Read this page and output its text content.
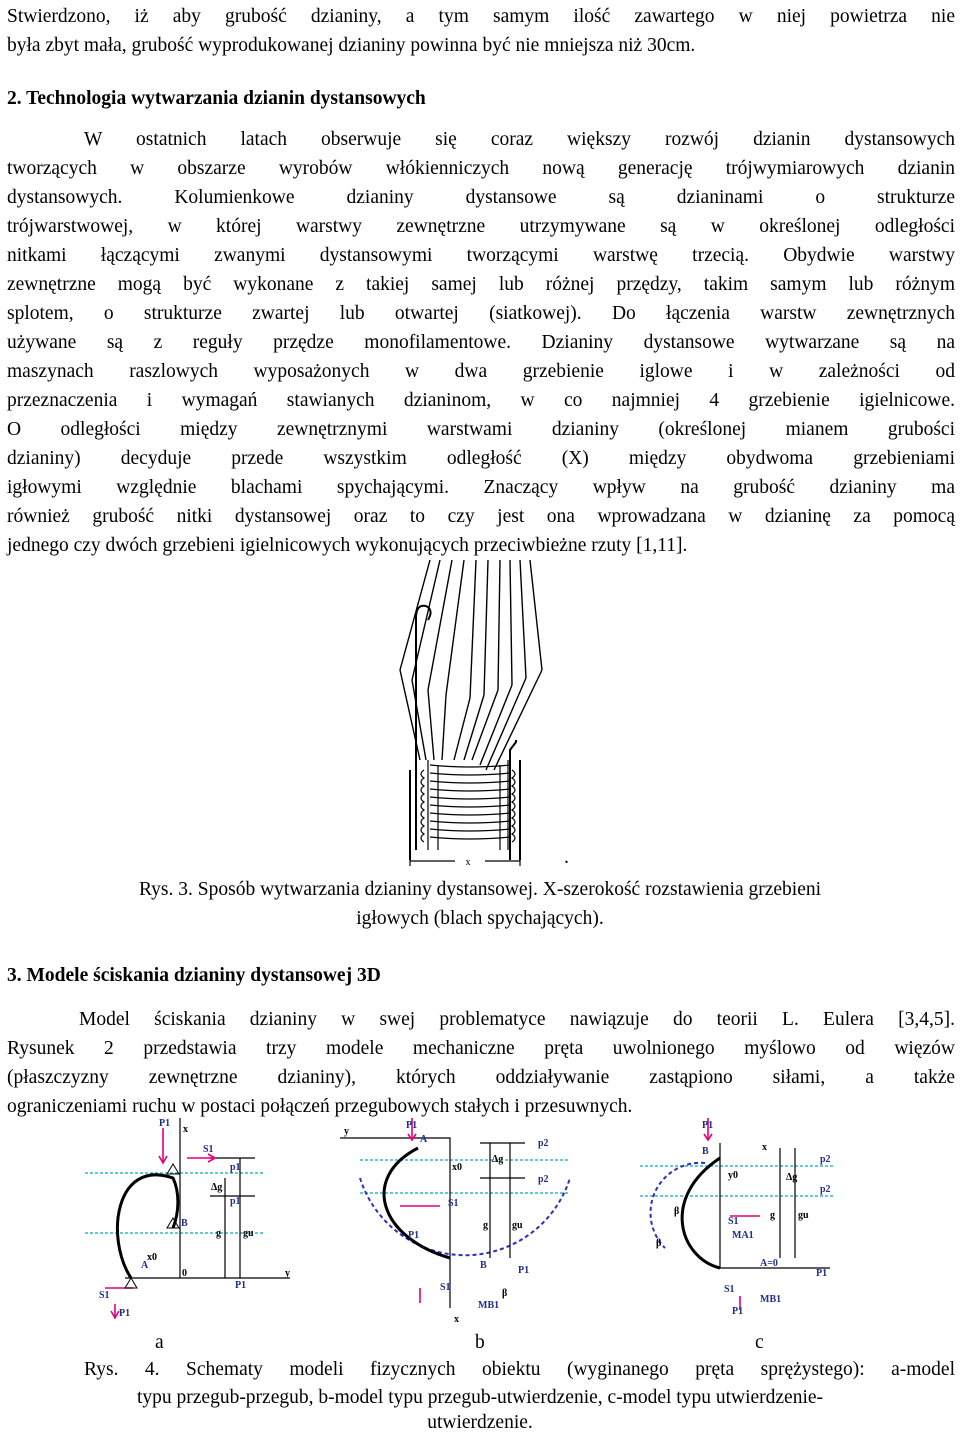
Stwierdzono, iż aby grubość dzianiny, a tym samym ilość zawartego w niej powietrza nie
była zbyt mała, grubość wyprodukowanej dzianiny powinna być nie mniejsza niż 30cm.
2. Technologia wytwarzania dzianin dystansowych
W ostatnich latach obserwuje się coraz większy rozwój dzianin dystansowych
tworzących w obszarze wyrobów włókienniczych nową generację trójwymiarowych dzianin
dystansowych. Kolumienkowe dzianiny dystansowe są dzianinami o strukturze
trójwarstwowej, w której warstwy zewnętrzne utrzymywane są w określonej odległości
nitkami łączącymi zwanymi dystansowymi tworzącymi warstwę trzecią. Obydwie warstwy
zewnętrzne mogą być wykonane z takiej samej lub różnej przędzy, takim samym lub różnym
splotem, o strukturze zwartej lub otwartej (siatkowej). Do łączenia warstw zewnętrznych
używane są z reguły przędze monofilamentowe. Dzianiny dystansowe wytwarzane są na
maszynach raszlowych wyposażonych w dwa grzebienie iglowe i w zależności od
przeznaczenia i wymagań stawianych dzianinom, w co najmniej 4 grzebienie igielnicowe.
O odległości między zewnętrznymi warstwami dzianiny (określonej mianem grubości
dzianiny) decyduje przede wszystkim odległość (X) między obydwoma grzebieniami
igłowymi względnie blachami spychającymi. Znaczący wpływ na grubość dzianiny ma
również grubość nitki dystansowej oraz to czy jest ona wprowadzana w dzianinę za pomocą
jednego czy dwóch grzebieni igielnicowych wykonujących przeciwbieżne rzuty [1,11].
x	.
Rys. 3. Sposób wytwarzania dzianiny dystansowej. X-szerokość rozstawienia grzebieni
igłowych (blach spychających).
3. Modele ściskania dzianiny dystansowej 3D
Model ściskania dzianiny w swej problematyce nawiązuje do teorii L. Eulera [3,4,5].
Rysunek 2 przedstawia trzy modele mechaniczne pręta uwolnionego myślowo od więzów
(płaszczyzny zewnętrzne dzianiny), których oddziaływanie zastąpiono siłami, a także
ograniczeniami ruchu w postaci połączeń przegubowych stałych i przesuwnych.
P1
x
S1
p1
Δg
p1
g gu
x0
A
0
P1
y
S1
P1
B
P1
A
y
p2
x0
Δg
p2
P1
S1
g gu
B	P1
S1
MB1
x
β
P1
B	x
p2
y0	Δg
p2
β
β
S1
MA1
A=0
P1
S1
MB1
P1
g gu
a	b	c
Rys. 4. Schematy modeli fizycznych obiektu (wyginanego pręta sprężystego): a-model
typu przegub-przegub, b-model typu przegub-utwierdzenie, c-model typu utwierdzenie-
utwierdzenie.
